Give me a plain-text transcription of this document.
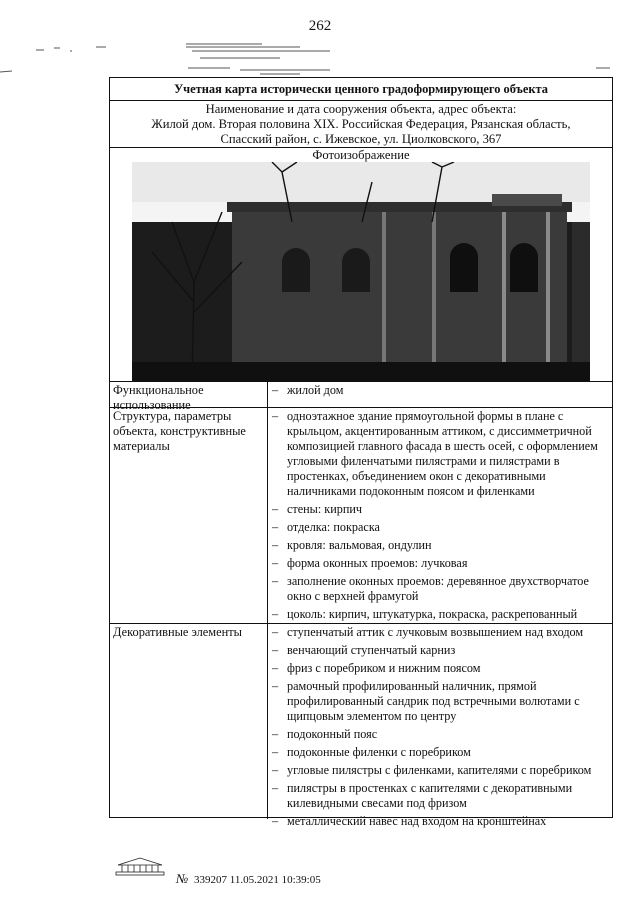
262
Учетная карта исторически ценного градоформирующего объекта
Наименование и дата сооружения объекта, адрес объекта:
Жилой дом. Вторая половина XIX. Российская Федерация, Рязанская область,
Спасский район, с. Ижевское, ул. Циолковского, 367
Фотоизображение
Функциональное использование
– жилой дом
Структура, параметры объекта, конструктивные материалы
– одноэтажное здание прямоугольной формы в плане с крыльцом, акцентированным аттиком, с диссимметричной композицией главного фасада в шесть осей, с оформлением угловыми филенчатыми пилястрами и пилястрами в простенках, объединением окон с декоративными наличниками подоконным поясом и филенками
– стены: кирпич
– отделка: покраска
– кровля: вальмовая, ондулин
– форма оконных проемов: лучковая
– заполнение оконных проемов: деревянное двухстворчатое окно с верхней фрамугой
– цоколь: кирпич, штукатурка, покраска, раскрепованный
Декоративные элементы
–	ступенчатый аттик с лучковым возвышением над входом
– венчающий ступенчатый карниз
– фриз с поребриком и нижним поясом
– рамочный профилированный наличник, прямой профилированный сандрик под встречными волютами с щипцовым элементом по центру
– подоконный пояс
– подоконные филенки с поребриком
– угловые пилястры с филенками, капителями с поребриком
– пилястры в простенках с капителями с декоративными килевидными свесами под фризом
– металлический навес над входом на кронштейнах
№ 339207 11.05.2021 10:39:05
